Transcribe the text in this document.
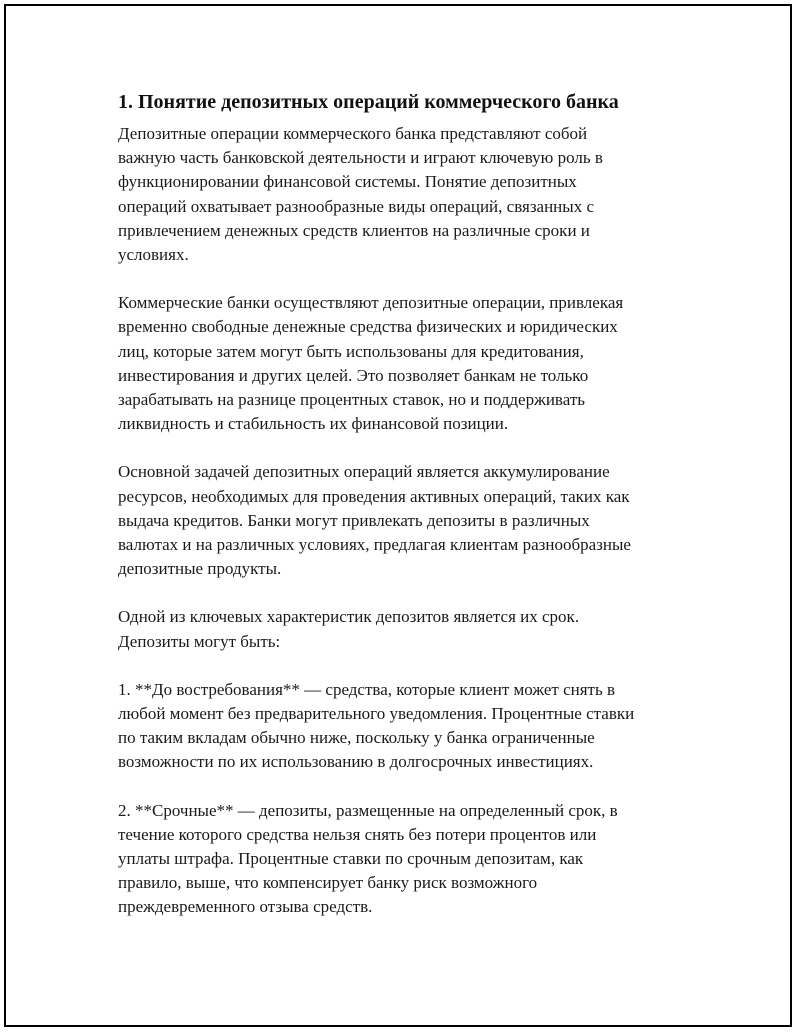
1. Понятие депозитных операций коммерческого банка

Депозитные операции коммерческого банка представляют собой
важную часть банковской деятельности и играют ключевую роль в
функционировании финансовой системы. Понятие депозитных
операций охватывает разнообразные виды операций, связанных с
привлечением денежных средств клиентов на различные сроки и
условиях.

Коммерческие банки осуществляют депозитные операции, привлекая
временно свободные денежные средства физических и юридических
лиц, которые затем могут быть использованы для кредитования,
инвестирования и других целей. Это позволяет банкам не только
зарабатывать на разнице процентных ставок, но и поддерживать
ликвидность и стабильность их финансовой позиции.

Основной задачей депозитных операций является аккумулирование
ресурсов, необходимых для проведения активных операций, таких как
выдача кредитов. Банки могут привлекать депозиты в различных
валютах и на различных условиях, предлагая клиентам разнообразные
депозитные продукты.

Одной из ключевых характеристик депозитов является их срок.
Депозиты могут быть:

1. **До востребования** — средства, которые клиент может снять в
любой момент без предварительного уведомления. Процентные ставки
по таким вкладам обычно ниже, поскольку у банка ограниченные
возможности по их использованию в долгосрочных инвестициях.

2. **Срочные** — депозиты, размещенные на определенный срок, в
течение которого средства нельзя снять без потери процентов или
уплаты штрафа. Процентные ставки по срочным депозитам, как
правило, выше, что компенсирует банку риск возможного
преждевременного отзыва средств.
